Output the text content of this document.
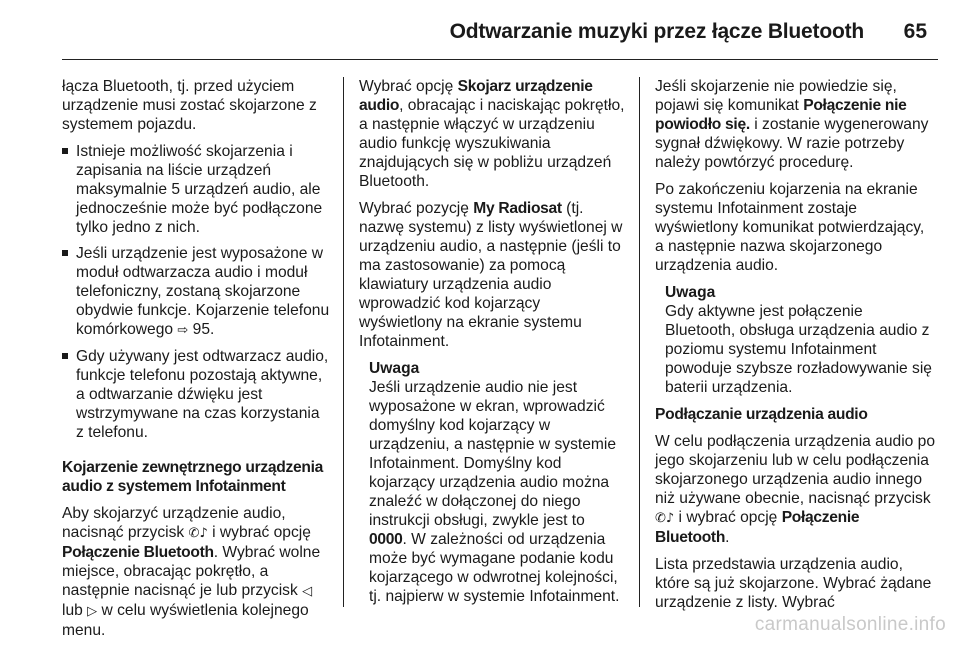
Odtwarzanie muzyki przez łącze Bluetooth 65

łącza Bluetooth, tj. przed użyciem urządzenie musi zostać skojarzone z systemem pojazdu.

Istnieje możliwość skojarzenia i zapisania na liście urządzeń maksymalnie 5 urządzeń audio, ale jednocześnie może być podłączone tylko jedno z nich.
Jeśli urządzenie jest wyposażone w moduł odtwarzacza audio i moduł telefoniczny, zostaną skojarzone obydwie funkcje. Kojarzenie telefonu komórkowego ⇨ 95.
Gdy używany jest odtwarzacz audio, funkcje telefonu pozostają aktywne, a odtwarzanie dźwięku jest wstrzymywane na czas korzystania z telefonu.

Kojarzenie zewnętrznego urządzenia audio z systemem Infotainment

Aby skojarzyć urządzenie audio, nacisnąć przycisk ✆♪ i wybrać opcję Połączenie Bluetooth. Wybrać wolne miejsce, obracając pokrętło, a następnie nacisnąć je lub przycisk ◁
lub ▷ w celu wyświetlenia kolejnego menu.

Wybrać opcję Skojarz urządzenie audio, obracając i naciskając pokrętło, a następnie włączyć w urządzeniu audio funkcję wyszukiwania znajdujących się w pobliżu urządzeń Bluetooth.

Wybrać pozycję My Radiosat (tj. nazwę systemu) z listy wyświetlonej w urządzeniu audio, a następnie (jeśli to ma zastosowanie) za pomocą klawiatury urządzenia audio wprowadzić kod kojarzący wyświetlony na ekranie systemu Infotainment.

Uwaga
Jeśli urządzenie audio nie jest wyposażone w ekran, wprowadzić domyślny kod kojarzący w urządzeniu, a następnie w systemie Infotainment. Domyślny kod kojarzący urządzenia audio można znaleźć w dołączonej do niego instrukcji obsługi, zwykle jest to 0000. W zależności od urządzenia może być wymagane podanie kodu kojarzącego w odwrotnej kolejności, tj. najpierw w systemie Infotainment.

Jeśli skojarzenie nie powiedzie się, pojawi się komunikat Połączenie nie powiodło się. i zostanie wygenerowany sygnał dźwiękowy. W razie potrzeby należy powtórzyć procedurę.

Po zakończeniu kojarzenia na ekranie systemu Infotainment zostaje wyświetlony komunikat potwierdzający, a następnie nazwa skojarzonego urządzenia audio.

Uwaga
Gdy aktywne jest połączenie Bluetooth, obsługa urządzenia audio z poziomu systemu Infotainment powoduje szybsze rozładowywanie się baterii urządzenia.

Podłączanie urządzenia audio

W celu podłączenia urządzenia audio po jego skojarzeniu lub w celu podłączenia skojarzonego urządzenia audio innego niż używane obecnie, nacisnąć przycisk ✆♪ i wybrać opcję Połączenie Bluetooth.

Lista przedstawia urządzenia audio, które są już skojarzone. Wybrać żądane urządzenie z listy. Wybrać

carmanualsonline.info
